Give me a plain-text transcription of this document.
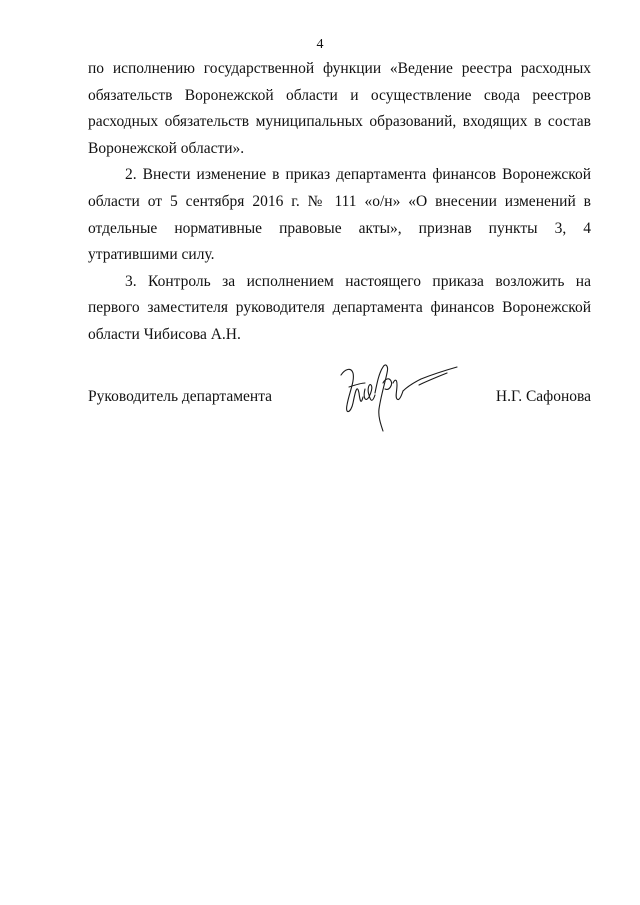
4

по исполнению государственной функции «Ведение реестра расходных обязательств Воронежской области и осуществление свода реестров расходных обязательств муниципальных образований, входящих в состав Воронежской области».

2. Внести изменение в приказ департамента финансов Воронежской области от 5 сентября 2016 г. № 111 «о/н» «О внесении изменений в отдельные нормативные правовые акты», признав пункты 3, 4 утратившими силу.

3. Контроль за исполнением настоящего приказа возложить на первого заместителя руководителя департамента финансов Воронежской области Чибисова А.Н.

Руководитель департамента	Н.Г. Сафонова
